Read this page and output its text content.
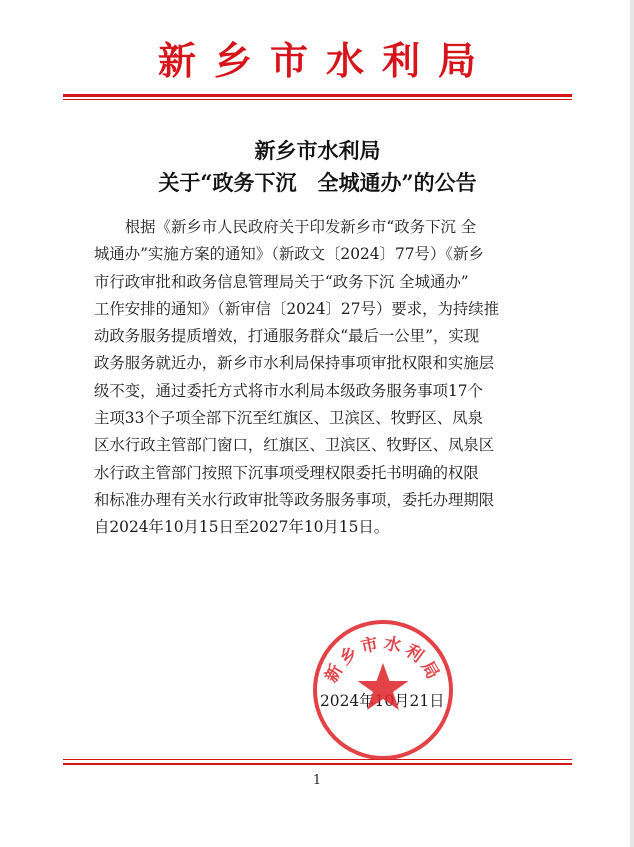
新乡市水利局
新乡市水利局
关于“政务下沉　全城通办”的公告
　　根据《新乡市人民政府关于印发新乡市“政务下沉 全
城通办”实施方案的通知》（新政文〔2024〕77号）《新乡
市行政审批和政务信息管理局关于“政务下沉 全城通办”
工作安排的通知》（新审信〔2024〕27号）要求，为持续推
动政务服务提质增效，打通服务群众“最后一公里”，实现
政务服务就近办，新乡市水利局保持事项审批权限和实施层
级不变，通过委托方式将市水利局本级政务服务事项17个
主项33个子项全部下沉至红旗区、卫滨区、牧野区、凤泉
区水行政主管部门窗口，红旗区、卫滨区、牧野区、凤泉区
水行政主管部门按照下沉事项受理权限委托书明确的权限
和标准办理有关水行政审批等政务服务事项，委托办理期限
自2024年10月15日至2027年10月15日。
2024年10月21日
新乡市水利局
1
